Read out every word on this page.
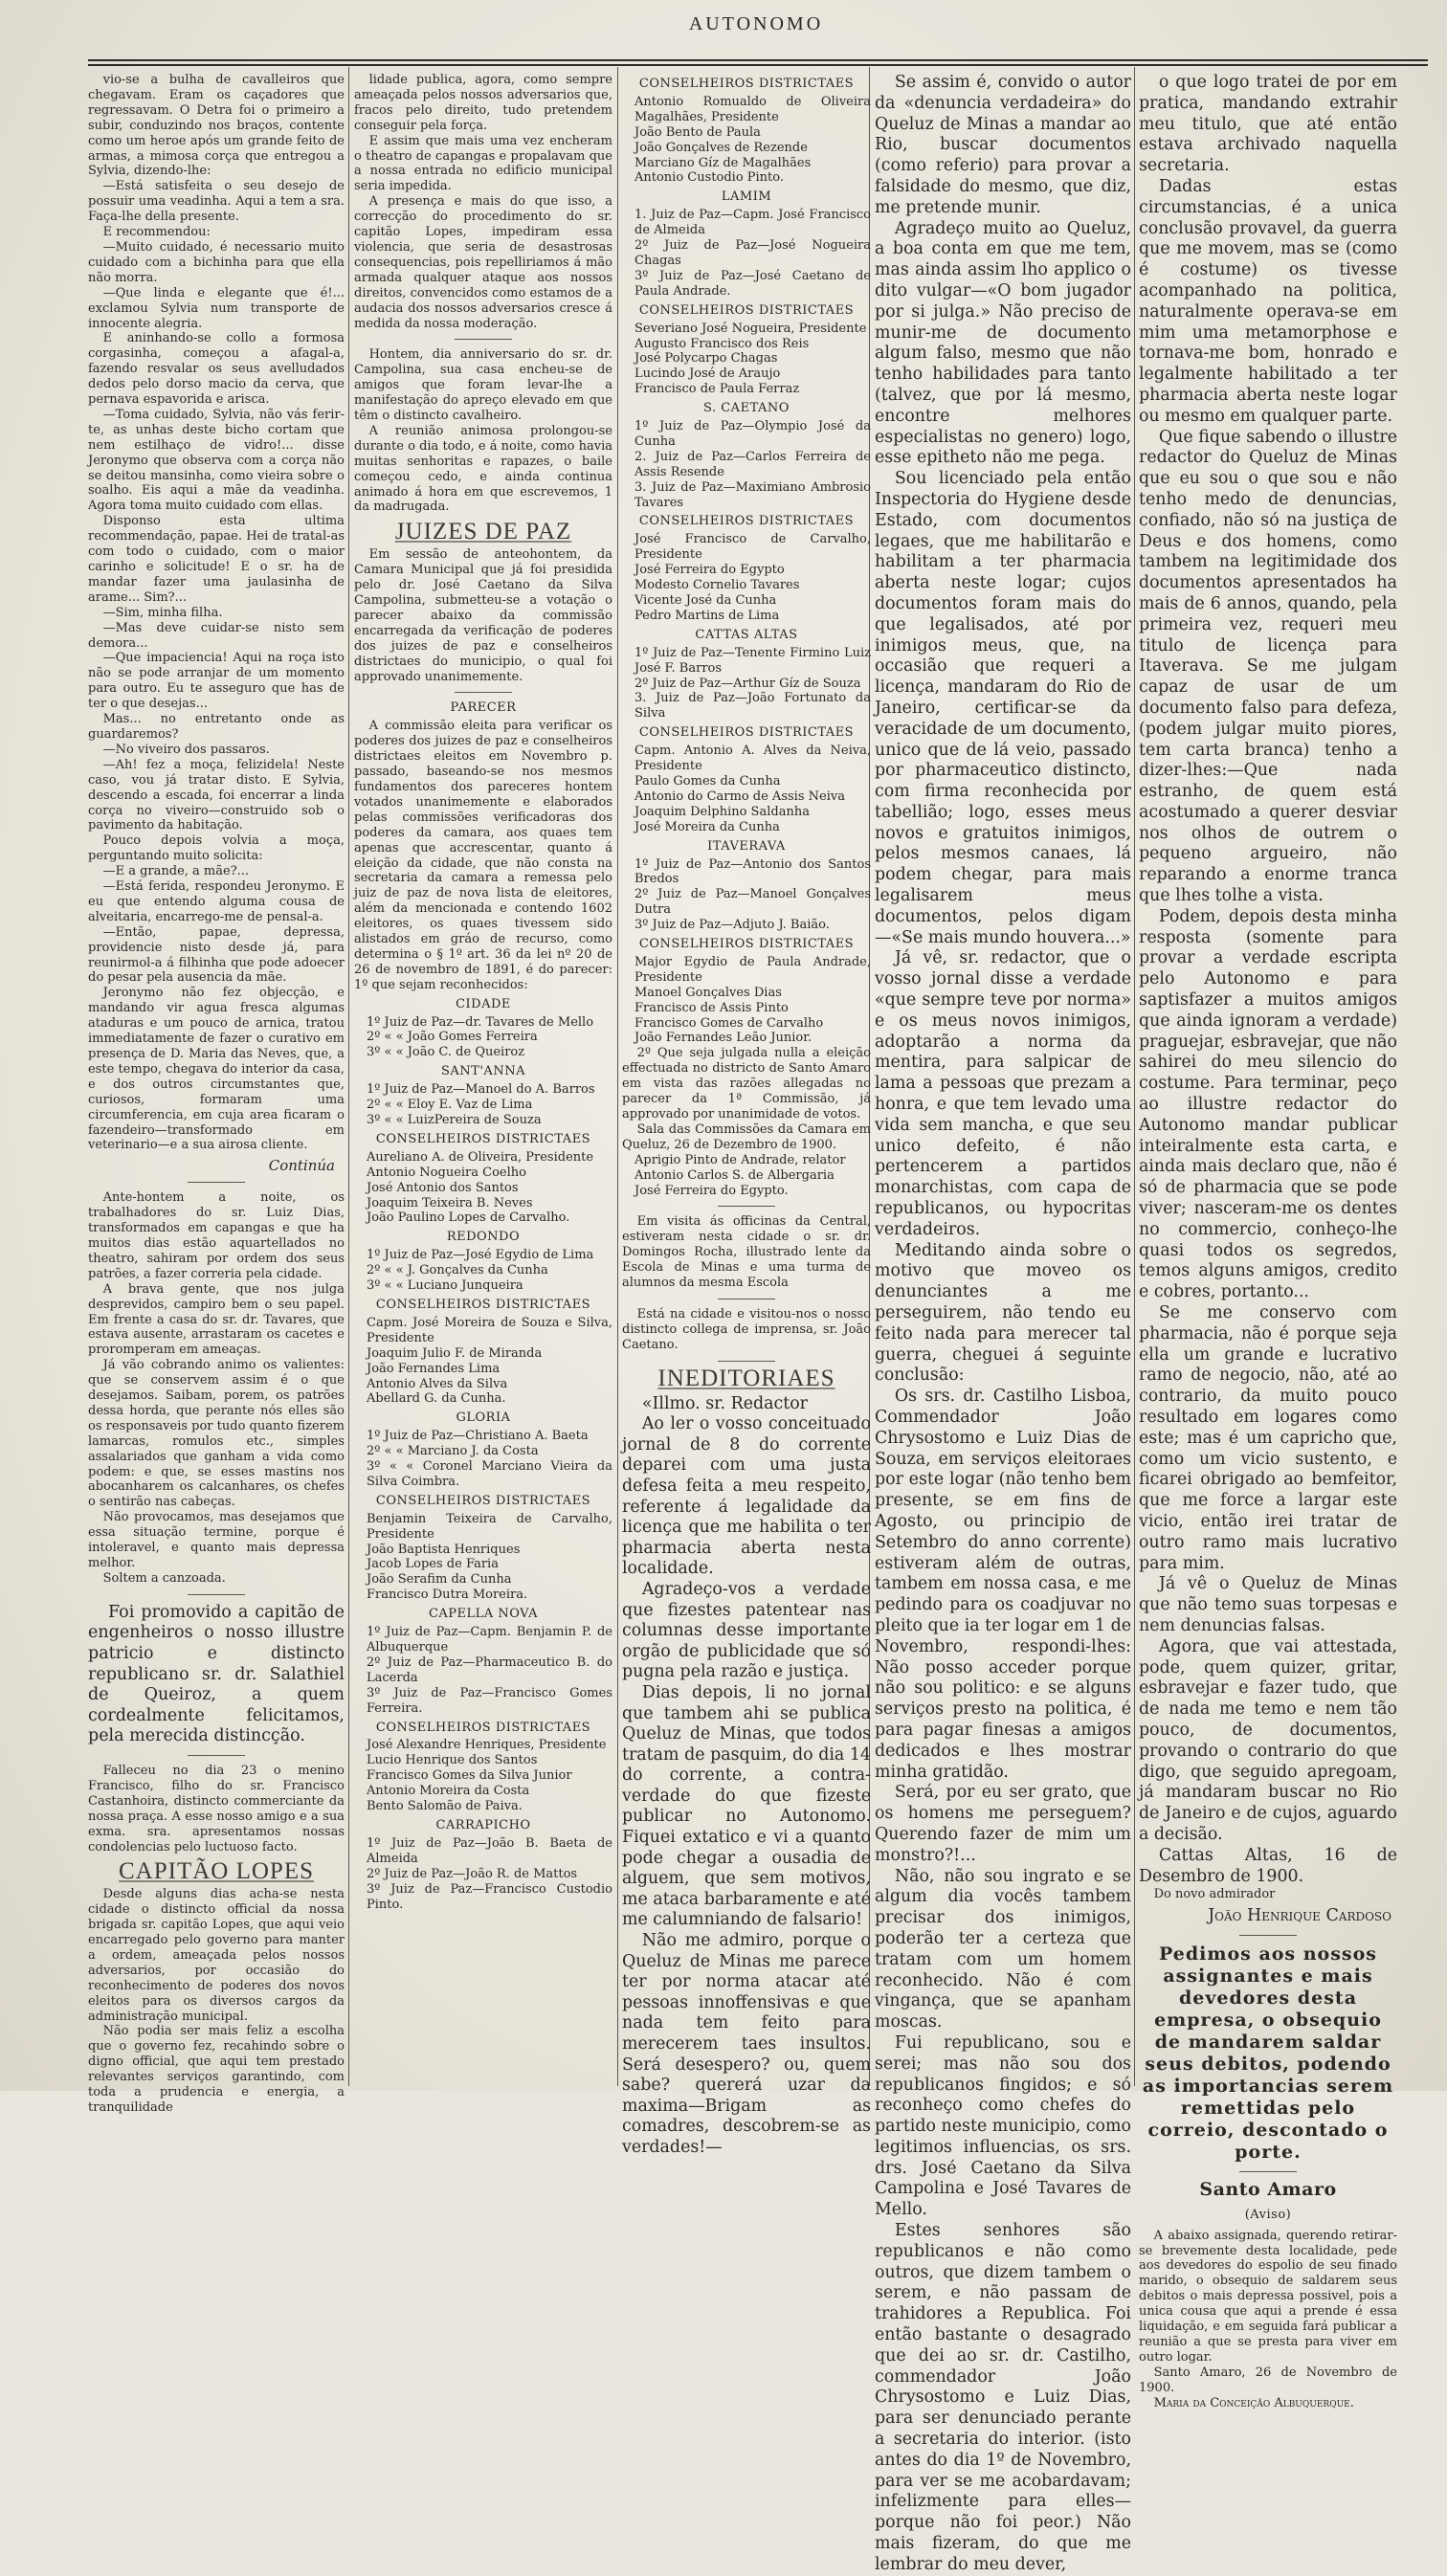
AUTONOMO

vio-se a bulha de cavalleiros que chegavam. Eram os caçadores que regressavam. O Detra foi o primeiro a subir, conduzindo nos braços, contente como um heroe após um grande feito de armas, a mimosa corça que entregou a Sylvia, dizendo-lhe:

—Está satisfeita o seu desejo de possuir uma veadinha. Aqui a tem a sra. Faça-lhe della presente.

E recommendou:

—Muito cuidado, é necessario muito cuidado com a bichinha para que ella não morra.

—Que linda e elegante que é!... exclamou Sylvia num transporte de innocente alegria.

E aninhando-se collo a formosa corgasinha, começou a afagal-a, fazendo resvalar os seus avelludados dedos pelo dorso macio da cerva, que pernava espavorida e arisca.

—Toma cuidado, Sylvia, não vás ferir-te, as unhas deste bicho cortam que nem estilhaço de vidro!... disse Jeronymo que observa com a corça não se deitou mansinha, como vieira sobre o soalho. Eis aqui a mãe da veadinha. Agora toma muito cuidado com ellas.

Disponso esta ultima recommendação, papae. Hei de tratal-as com todo o cuidado, com o maior carinho e solicitude! E o sr. ha de mandar fazer uma jaulasinha de arame... Sim?...

—Sim, minha filha.

—Mas deve cuidar-se nisto sem demora...

—Que impaciencia! Aqui na roça isto não se pode arranjar de um momento para outro. Eu te asseguro que has de ter o que desejas...

Mas... no entretanto onde as guardaremos?

—No viveiro dos passaros.

—Ah! fez a moça, felizidela! Neste caso, vou já tratar disto. E Sylvia, descendo a escada, foi encerrar a linda corça no viveiro—construido sob o pavimento da habitação.

Pouco depois volvia a moça, perguntando muito solicita:

—E a grande, a mãe?...

—Está ferida, respondeu Jeronymo. E eu que entendo alguma cousa de alveitaria, encarrego-me de pensal-a.

—Então, papae, depressa, providencie nisto desde já, para reunirmol-a á filhinha que pode adoecer do pesar pela ausencia da mãe.

Jeronymo não fez objecção, e mandando vir agua fresca algumas ataduras e um pouco de arnica, tratou immediatamente de fazer o curativo em presença de D. Maria das Neves, que, a este tempo, chegava do interior da casa, e dos outros circumstantes que, curiosos, formaram uma circumferencia, em cuja area ficaram o fazendeiro—transformado em veterinario—e a sua airosa cliente.

Continúa

Ante-hontem a noite, os trabalhadores do sr. Luiz Dias, transformados em capangas e que ha muitos dias estão aquartellados no theatro, sahiram por ordem dos seus patrões, a fazer correria pela cidade.

A brava gente, que nos julga desprevidos, campiro bem o seu papel. Em frente a casa do sr. dr. Tavares, que estava ausente, arrastaram os cacetes e proromperam em ameaças.

Já vão cobrando animo os valientes: que se conservem assim é o que desejamos. Saibam, porem, os patrões dessa horda, que perante nós elles são os responsaveis por tudo quanto fizerem lamarcas, romulos etc., simples assalariados que ganham a vida como podem: e que, se esses mastins nos abocanharem os calcanhares, os chefes o sentirão nas cabeças.

Não provocamos, mas desejamos que essa situação termine, porque é intoleravel, e quanto mais depressa melhor.

Soltem a canzoada.

Foi promovido a capitão de engenheiros o nosso illustre patricio e distincto republicano sr. dr. Salathiel de Queiroz, a quem cordealmente felicitamos, pela merecida distincção.

Falleceu no dia 23 o menino Francisco, filho do sr. Francisco Castanhoira, distincto commerciante da nossa praça. A esse nosso amigo e a sua exma. sra. apresentamos nossas condolencias pelo luctuoso facto.

CAPITÃO LOPES

Desde alguns dias acha-se nesta cidade o distincto official da nossa brigada sr. capitão Lopes, que aqui veio encarregado pelo governo para manter a ordem, ameaçada pelos nossos adversarios, por occasião do reconhecimento de poderes dos novos eleitos para os diversos cargos da administração municipal.

Não podia ser mais feliz a escolha que o governo fez, recahindo sobre o digno official, que aqui tem prestado relevantes serviços garantindo, com toda a prudencia e energia, a tranquilidade

lidade publica, agora, como sempre ameaçada pelos nossos adversarios que, fracos pelo direito, tudo pretendem conseguir pela força.

E assim que mais uma vez encheram o theatro de capangas e propalavam que a nossa entrada no edificio municipal seria impedida.

A presença e mais do que isso, a correcção do procedimento do sr. capitão Lopes, impediram essa violencia, que seria de desastrosas consequencias, pois repelliriamos á mão armada qualquer ataque aos nossos direitos, convencidos como estamos de a audacia dos nossos adversarios cresce á medida da nossa moderação.

Hontem, dia anniversario do sr. dr. Campolina, sua casa encheu-se de amigos que foram levar-lhe a manifestação do apreço elevado em que têm o distincto cavalheiro.

A reunião animosa prolongou-se durante o dia todo, e á noite, como havia muitas senhoritas e rapazes, o baile começou cedo, e ainda continua animado á hora em que escrevemos, 1 da madrugada.

JUIZES DE PAZ

Em sessão de anteohontem, da Camara Municipal que já foi presidida pelo dr. José Caetano da Silva Campolina, submetteu-se a votação o parecer abaixo da commissão encarregada da verificação de poderes dos juizes de paz e conselheiros districtaes do municipio, o qual foi approvado unanimemente.

PARECER

A commissão eleita para verificar os poderes dos juizes de paz e conselheiros districtaes eleitos em Novembro p. passado, baseando-se nos mesmos fundamentos dos pareceres hontem votados unanimemente e elaborados pelas commissões verificadoras dos poderes da camara, aos quaes tem apenas que accrescentar, quanto á eleição da cidade, que não consta na secretaria da camara a remessa pelo juiz de paz de nova lista de eleitores, além da mencionada e contendo 1602 eleitores, os quaes tivessem sido alistados em gráo de recurso, como determina o § 1º art. 36 da lei nº 20 de 26 de novembro de 1891, é do parecer: 1º que sejam reconhecidos:

CIDADE

1º Juiz de Paz—dr. Tavares de Mello

2º « « João Gomes Ferreira

3º « « João C. de Queiroz

SANT'ANNA

1º Juiz de Paz—Manoel do A. Barros

2º « « Eloy E. Vaz de Lima

3º « « LuizPereira de Souza

CONSELHEIROS DISTRICTAES

Aureliano A. de Oliveira, Presidente

Antonio Nogueira Coelho

José Antonio dos Santos

Joaquim Teixeira B. Neves

João Paulino Lopes de Carvalho.

REDONDO

1º Juiz de Paz—José Egydio de Lima

2º « « J. Gonçalves da Cunha

3º « « Luciano Junqueira

CONSELHEIROS DISTRICTAES

Capm. José Moreira de Souza e Silva, Presidente

Joaquim Julio F. de Miranda

João Fernandes Lima

Antonio Alves da Silva

Abellard G. da Cunha.

GLORIA

1º Juiz de Paz—Christiano A. Baeta

2º « « Marciano J. da Costa

3º « « Coronel Marciano Vieira da Silva Coimbra.

CONSELHEIROS DISTRICTAES

Benjamin Teixeira de Carvalho, Presidente

João Baptista Henriques

Jacob Lopes de Faria

João Serafim da Cunha

Francisco Dutra Moreira.

CAPELLA NOVA

1º Juiz de Paz—Capm. Benjamin P. de Albuquerque

2º Juiz de Paz—Pharmaceutico B. do Lacerda

3º Juiz de Paz—Francisco Gomes Ferreira.

CONSELHEIROS DISTRICTAES

José Alexandre Henriques, Presidente

Lucio Henrique dos Santos

Francisco Gomes da Silva Junior

Antonio Moreira da Costa

Bento Salomão de Paiva.

CARRAPICHO

1º Juiz de Paz—João B. Baeta de Almeida

2º Juiz de Paz—João R. de Mattos

3º Juiz de Paz—Francisco Custodio Pinto.

CONSELHEIROS DISTRICTAES

Antonio Romualdo de Oliveira Magalhães, Presidente

João Bento de Paula

João Gonçalves de Rezende

Marciano Gíz de Magalhães

Antonio Custodio Pinto.

LAMIM

1. Juiz de Paz—Capm. José Francisco de Almeida

2º Juiz de Paz—José Nogueira Chagas

3º Juiz de Paz—José Caetano de Paula Andrade.

CONSELHEIROS DISTRICTAES

Severiano José Nogueira, Presidente

Augusto Francisco dos Reis

José Polycarpo Chagas

Lucindo José de Araujo

Francisco de Paula Ferraz

S. CAETANO

1º Juiz de Paz—Olympio José da Cunha

2. Juiz de Paz—Carlos Ferreira de Assis Resende

3. Juiz de Paz—Maximiano Ambrosio Tavares

CONSELHEIROS DISTRICTAES

José Francisco de Carvalho, Presidente

José Ferreira do Egypto

Modesto Cornelio Tavares

Vicente José da Cunha

Pedro Martins de Lima

CATTAS ALTAS

1º Juiz de Paz—Tenente Firmino Luiz José F. Barros

2º Juiz de Paz—Arthur Gíz de Souza

3. Juiz de Paz—João Fortunato da Silva

CONSELHEIROS DISTRICTAES

Capm. Antonio A. Alves da Neiva, Presidente

Paulo Gomes da Cunha

Antonio do Carmo de Assis Neiva

Joaquim Delphino Saldanha

José Moreira da Cunha

ITAVERAVA

1º Juiz de Paz—Antonio dos Santos Bredos

2º Juiz de Paz—Manoel Gonçalves Dutra

3º Juiz de Paz—Adjuto J. Baião.

CONSELHEIROS DISTRICTAES

Major Egydio de Paula Andrade, Presidente

Manoel Gonçalves Dias

Francisco de Assis Pinto

Francisco Gomes de Carvalho

João Fernandes Leão Junior.

2º Que seja julgada nulla a eleição effectuada no districto de Santo Amaro em vista das razões allegadas no parecer da 1ª Commissão, já approvado por unanimidade de votos.

Sala das Commissões da Camara em Queluz, 26 de Dezembro de 1900.

Aprigio Pinto de Andrade, relator

Antonio Carlos S. de Albergaria

José Ferreira do Egypto.

Em visita ás officinas da Central, estiveram nesta cidade o sr. dr. Domingos Rocha, illustrado lente da Escola de Minas e uma turma de alumnos da mesma Escola

Está na cidade e visitou-nos o nosso distincto collega de imprensa, sr. João Caetano.

INEDITORIAES

«Illmo. sr. Redactor

Ao ler o vosso conceituado jornal de 8 do corrente deparei com uma justa defesa feita a meu respeito, referente á legalidade da licença que me habilita o ter pharmacia aberta nesta localidade.

Agradeço-vos a verdade que fizestes patentear nas columnas desse importante orgão de publicidade que só pugna pela razão e justiça.

Dias depois, li no jornal que tambem ahi se publica Queluz de Minas, que todos tratam de pasquim, do dia 14 do corrente, a contra-verdade do que fizeste publicar no Autonomo. Fiquei extatico e vi a quanto pode chegar a ousadia de alguem, que sem motivos, me ataca barbaramente e até me calumniando de falsario!

Não me admiro, porque o Queluz de Minas me parece ter por norma atacar até pessoas innoffensivas e que nada tem feito para merecerem taes insultos. Será desespero? ou, quem sabe? quererá uzar da maxima—Brigam as comadres, descobrem-se as verdades!—

Se assim é, convido o autor da «denuncia verdadeira» do Queluz de Minas a mandar ao Rio, buscar documentos (como referio) para provar a falsidade do mesmo, que diz, me pretende munir.

Agradeço muito ao Queluz, a boa conta em que me tem, mas ainda assim lho applico o dito vulgar—«O bom jugador por si julga.» Não preciso de munir-me de documento algum falso, mesmo que não tenho habilidades para tanto (talvez, que por lá mesmo, encontre melhores especialistas no genero) logo, esse epitheto não me pega.

Sou licenciado pela então Inspectoria do Hygiene desde Estado, com documentos legaes, que me habilitarão e habilitam a ter pharmacia aberta neste logar; cujos documentos foram mais do que legalisados, até por inimigos meus, que, na occasião que requeri a licença, mandaram do Rio de Janeiro, certificar-se da veracidade de um documento, unico que de lá veio, passado por pharmaceutico distincto, com firma reconhecida por tabellião; logo, esses meus novos e gratuitos inimigos, pelos mesmos canaes, lá podem chegar, para mais legalisarem meus documentos, pelos digam—«Se mais mundo houvera...»

Já vê, sr. redactor, que o vosso jornal disse a verdade «que sempre teve por norma» e os meus novos inimigos, adoptarão a norma da mentira, para salpicar de lama a pessoas que prezam a honra, e que tem levado uma vida sem mancha, e que seu unico defeito, é não pertencerem a partidos monarchistas, com capa de republicanos, ou hypocritas verdadeiros.

Meditando ainda sobre o motivo que moveo os denunciantes a me perseguirem, não tendo eu feito nada para merecer tal guerra, cheguei á seguinte conclusão:

Os srs. dr. Castilho Lisboa, Commendador João Chrysostomo e Luiz Dias de Souza, em serviços eleitoraes por este logar (não tenho bem presente, se em fins de Agosto, ou principio de Setembro do anno corrente) estiveram além de outras, tambem em nossa casa, e me pedindo para os coadjuvar no pleito que ia ter logar em 1 de Novembro, respondi-lhes: Não posso acceder porque não sou politico: e se alguns serviços presto na politica, é para pagar finesas a amigos dedicados e lhes mostrar minha gratidão.

Será, por eu ser grato, que os homens me perseguem? Querendo fazer de mim um monstro?!...

Não, não sou ingrato e se algum dia vocês tambem precisar dos inimigos, poderão ter a certeza que tratam com um homem reconhecido. Não é com vingança, que se apanham moscas.

Fui republicano, sou e serei; mas não sou dos republicanos fingidos; e só reconheço como chefes do partido neste municipio, como legitimos influencias, os srs. drs. José Caetano da Silva Campolina e José Tavares de Mello.

Estes senhores são republicanos e não como outros, que dizem tambem o serem, e não passam de trahidores a Republica. Foi então bastante o desagrado que dei ao sr. dr. Castilho, commendador João Chrysostomo e Luiz Dias, para ser denunciado perante a secretaria do interior. (isto antes do dia 1º de Novembro, para ver se me acobardavam; infelizmente para elles—porque não foi peor.) Não mais fizeram, do que me lembrar do meu dever,

o que logo tratei de por em pratica, mandando extrahir meu titulo, que até então estava archivado naquella secretaria.

Dadas estas circumstancias, é a unica conclusão provavel, da guerra que me movem, mas se (como é costume) os tivesse acompanhado na politica, naturalmente operava-se em mim uma metamorphose e tornava-me bom, honrado e legalmente habilitado a ter pharmacia aberta neste logar ou mesmo em qualquer parte.

Que fique sabendo o illustre redactor do Queluz de Minas que eu sou o que sou e não tenho medo de denuncias, confiado, não só na justiça de Deus e dos homens, como tambem na legitimidade dos documentos apresentados ha mais de 6 annos, quando, pela primeira vez, requeri meu titulo de licença para Itaverava. Se me julgam capaz de usar de um documento falso para defeza, (podem julgar muito piores, tem carta branca) tenho a dizer-lhes:—Que nada estranho, de quem está acostumado a querer desviar nos olhos de outrem o pequeno argueiro, não reparando a enorme tranca que lhes tolhe a vista.

Podem, depois desta minha resposta (somente para provar a verdade escripta pelo Autonomo e para saptisfazer a muitos amigos que ainda ignoram a verdade) praguejar, esbravejar, que não sahirei do meu silencio do costume. Para terminar, peço ao illustre redactor do Autonomo mandar publicar inteiralmente esta carta, e ainda mais declaro que, não é só de pharmacia que se pode viver; nasceram-me os dentes no commercio, conheço-lhe quasi todos os segredos, temos alguns amigos, credito e cobres, portanto...

Se me conservo com pharmacia, não é porque seja ella um grande e lucrativo ramo de negocio, não, até ao contrario, da muito pouco resultado em logares como este; mas é um capricho que, como um vicio sustento, e ficarei obrigado ao bemfeitor, que me force a largar este vicio, então irei tratar de outro ramo mais lucrativo para mim.

Já vê o Queluz de Minas que não temo suas torpesas e nem denuncias falsas.

Agora, que vai attestada, pode, quem quizer, gritar, esbravejar e fazer tudo, que de nada me temo e nem tão pouco, de documentos, provando o contrario do que digo, que seguido apregoam, já mandaram buscar no Rio de Janeiro e de cujos, aguardo a decisão.

Cattas Altas, 16 de Desembro de 1900.

Do novo admirador

João Henrique Cardoso
Pedimos aos nossos assignantes e mais devedores desta empresa, o obsequio de mandarem saldar seus debitos, podendo as importancias serem remettidas pelo correio, descontado o porte.
Santo Amaro
(Aviso)

A abaixo assignada, querendo retirar-se brevemente desta localidade, pede aos devedores do espolio de seu finado marido, o obsequio de saldarem seus debitos o mais depressa possivel, pois a unica cousa que aqui a prende é essa liquidação, e em seguida fará publicar a reunião a que se presta para viver em outro logar.

Santo Amaro, 26 de Novembro de 1900.

Maria da Conceição Albuquerque.
